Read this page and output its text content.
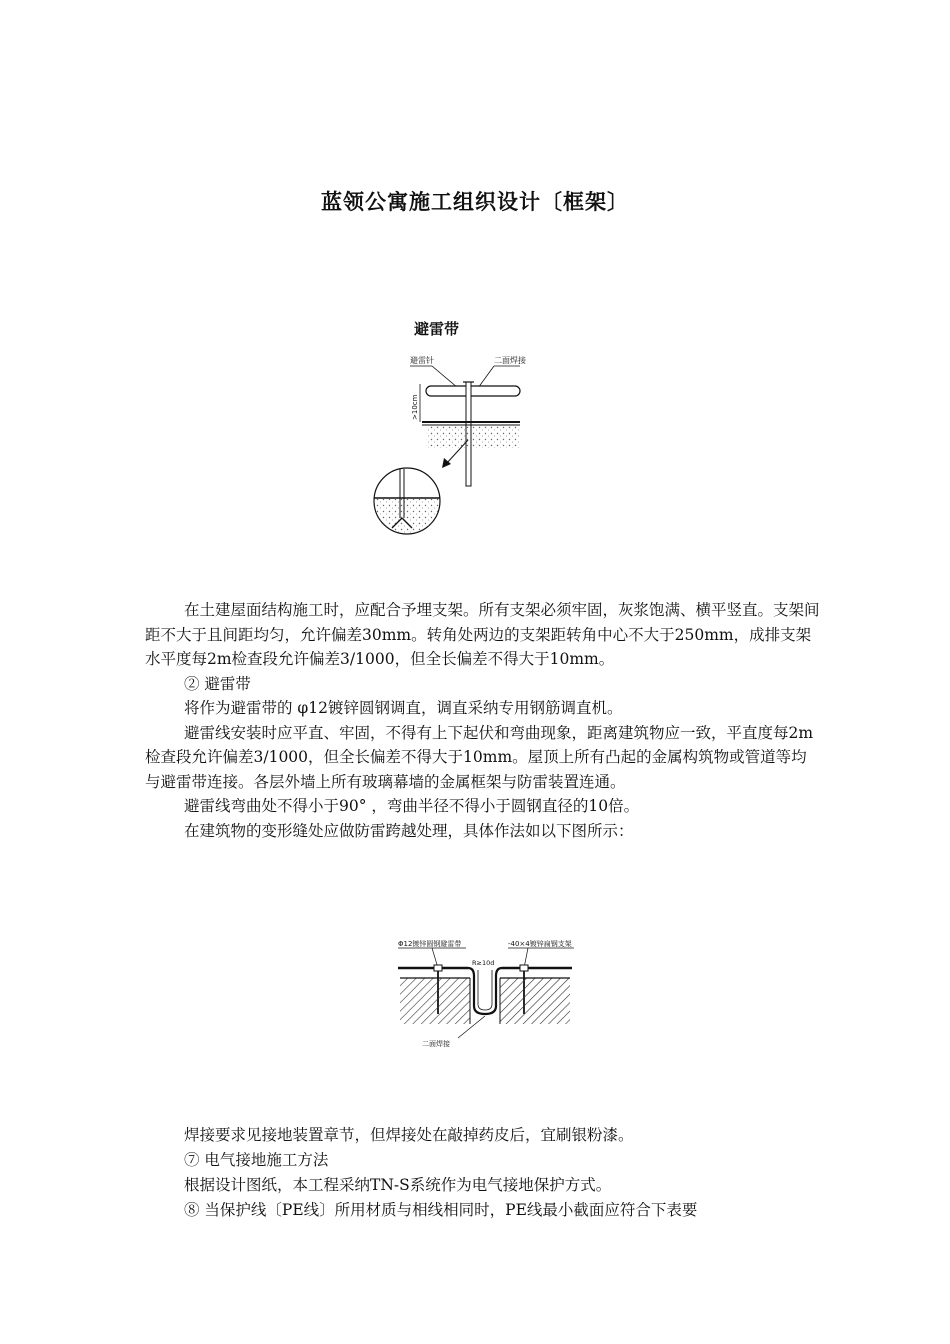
蓝领公寓施工组织设计〔框架〕
避雷带
避雷针	二面焊接
>10cm

在土建屋面结构施工时，应配合予埋支架。所有支架必须牢固，灰浆饱满、横平竖直。支架间距不大于且间距均匀，允许偏差30mm。转角处两边的支架距转角中心不大于250mm，成排支架水平度每2m检查段允许偏差3/1000，但全长偏差不得大于10mm。

② 避雷带

将作为避雷带的 φ12镀锌圆钢调直，调直采纳专用钢筋调直机。

避雷线安装时应平直、牢固，不得有上下起伏和弯曲现象，距离建筑物应一致，平直度每2m检查段允许偏差3/1000，但全长偏差不得大于10mm。屋顶上所有凸起的金属构筑物或管道等均与避雷带连接。各层外墙上所有玻璃幕墙的金属框架与防雷装置连通。

避雷线弯曲处不得小于90° ，弯曲半径不得小于圆钢直径的10倍。

在建筑物的变形缝处应做防雷跨越处理，具体作法如以下图所示：

Φ12镀锌圆钢避雷带	-40×4镀锌扁钢支架
R≥10d
二面焊接

焊接要求见接地装置章节，但焊接处在敲掉药皮后，宜刷银粉漆。

⑦ 电气接地施工方法

根据设计图纸，本工程采纳TN-S系统作为电气接地保护方式。

⑧ 当保护线〔PE线〕所用材质与相线相同时，PE线最小截面应符合下表要
